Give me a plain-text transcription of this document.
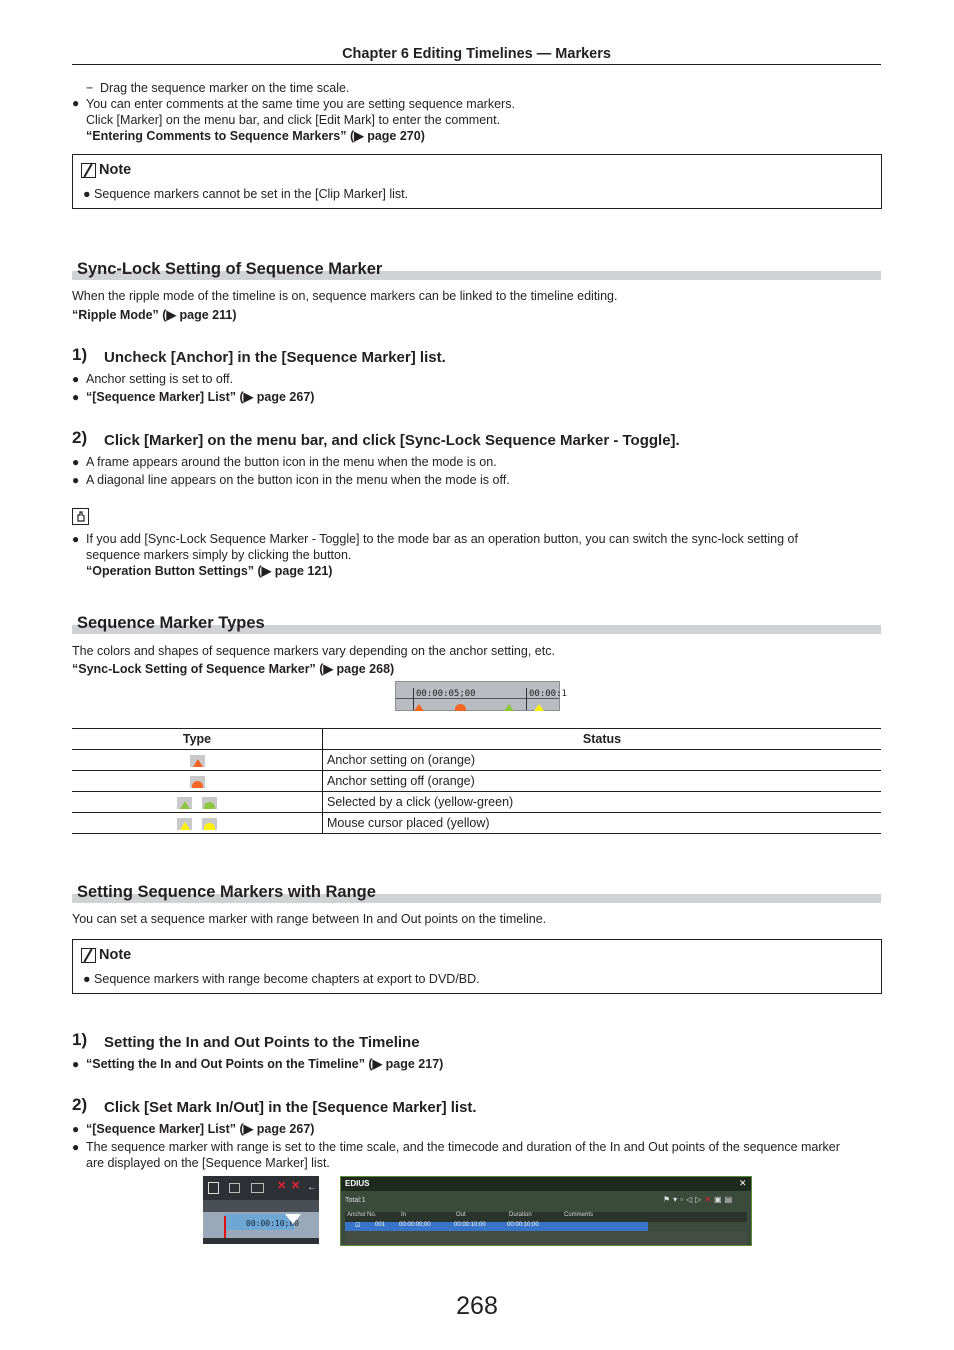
Chapter 6 Editing Timelines — Markers
− Drag the sequence marker on the time scale.
● You can enter comments at the same time you are setting sequence markers.
Click [Marker] on the menu bar, and click [Edit Mark] to enter the comment.
“Entering Comments to Sequence Markers” (▶ page 270)
Note
● Sequence markers cannot be set in the [Clip Marker] list.
Sync-Lock Setting of Sequence Marker
When the ripple mode of the timeline is on, sequence markers can be linked to the timeline editing.
“Ripple Mode” (▶ page 211)
1) Uncheck [Anchor] in the [Sequence Marker] list.
● Anchor setting is set to off.
● “[Sequence Marker] List” (▶ page 267)
2) Click [Marker] on the menu bar, and click [Sync-Lock Sequence Marker - Toggle].
● A frame appears around the button icon in the menu when the mode is on.
● A diagonal line appears on the button icon in the menu when the mode is off.
● If you add [Sync-Lock Sequence Marker - Toggle] to the mode bar as an operation button, you can switch the sync-lock setting of
sequence markers simply by clicking the button.
“Operation Button Settings” (▶ page 121)
Sequence Marker Types
The colors and shapes of sequence markers vary depending on the anchor setting, etc.
“Sync-Lock Setting of Sequence Marker” (▶ page 268)
00:00:05;00	00:00:1
Type	Status

	Anchor setting on (orange)

	Anchor setting off (orange)

	Selected by a click (yellow-green)

	Mouse cursor placed (yellow)
Setting Sequence Markers with Range
You can set a sequence marker with range between In and Out points on the timeline.
Note
● Sequence markers with range become chapters at export to DVD/BD.
1) Setting the In and Out Points to the Timeline
● “Setting the In and Out Points on the Timeline” (▶ page 217)
2) Click [Set Mark In/Out] in the [Sequence Marker] list.
● “[Sequence Marker] List” (▶ page 267)
● The sequence marker with range is set to the time scale, and the timecode and duration of the In and Out points of the sequence marker
are displayed on the [Sequence Marker] list.
✕ ✕ ←
00:00:10;00
EDIUS	✕
Total:1	⚑▾▫◁▷✕▣▤
Anchor No.	In	Out	Duration	Comments
☑	001	00:00:00;00	00:00:10;00	00:00:10;00
268
